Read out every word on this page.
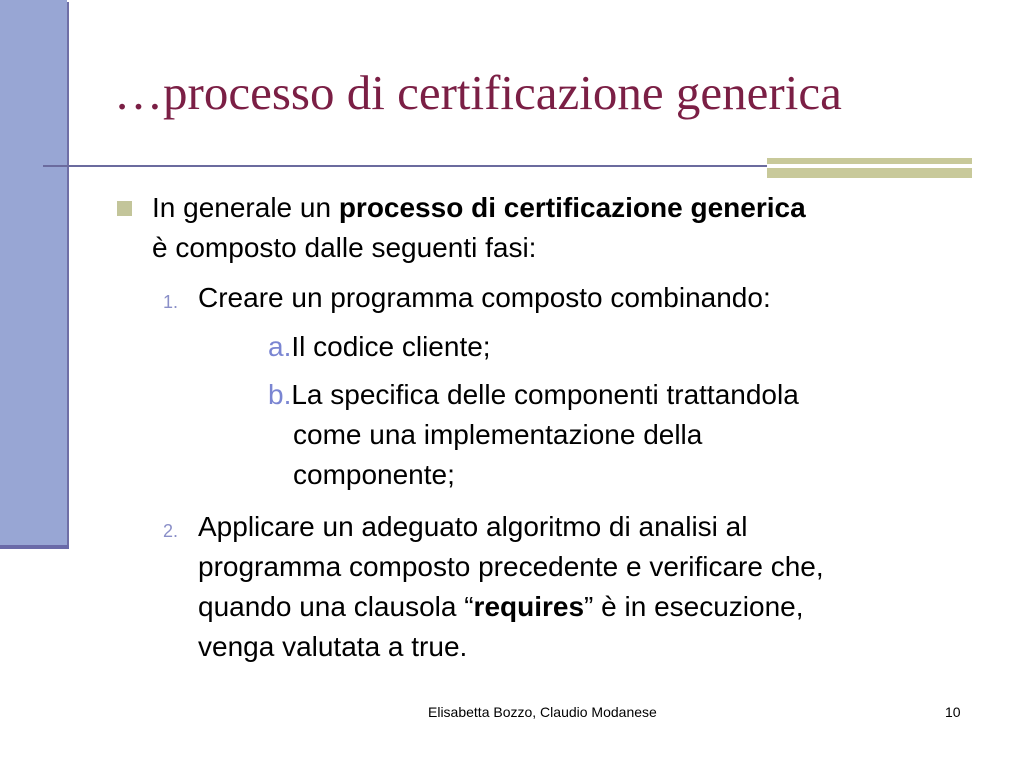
…processo di certificazione generica
In generale un processo di certificazione generica
è composto dalle seguenti fasi:
1. Creare un programma composto combinando:
a.Il codice cliente;
b.La specifica delle componenti trattandola
come una implementazione della
componente;
2. Applicare un adeguato algoritmo di analisi al
programma composto precedente e verificare che,
quando una clausola “requires” è in esecuzione,
venga valutata a true.
Elisabetta Bozzo, Claudio Modanese	10
